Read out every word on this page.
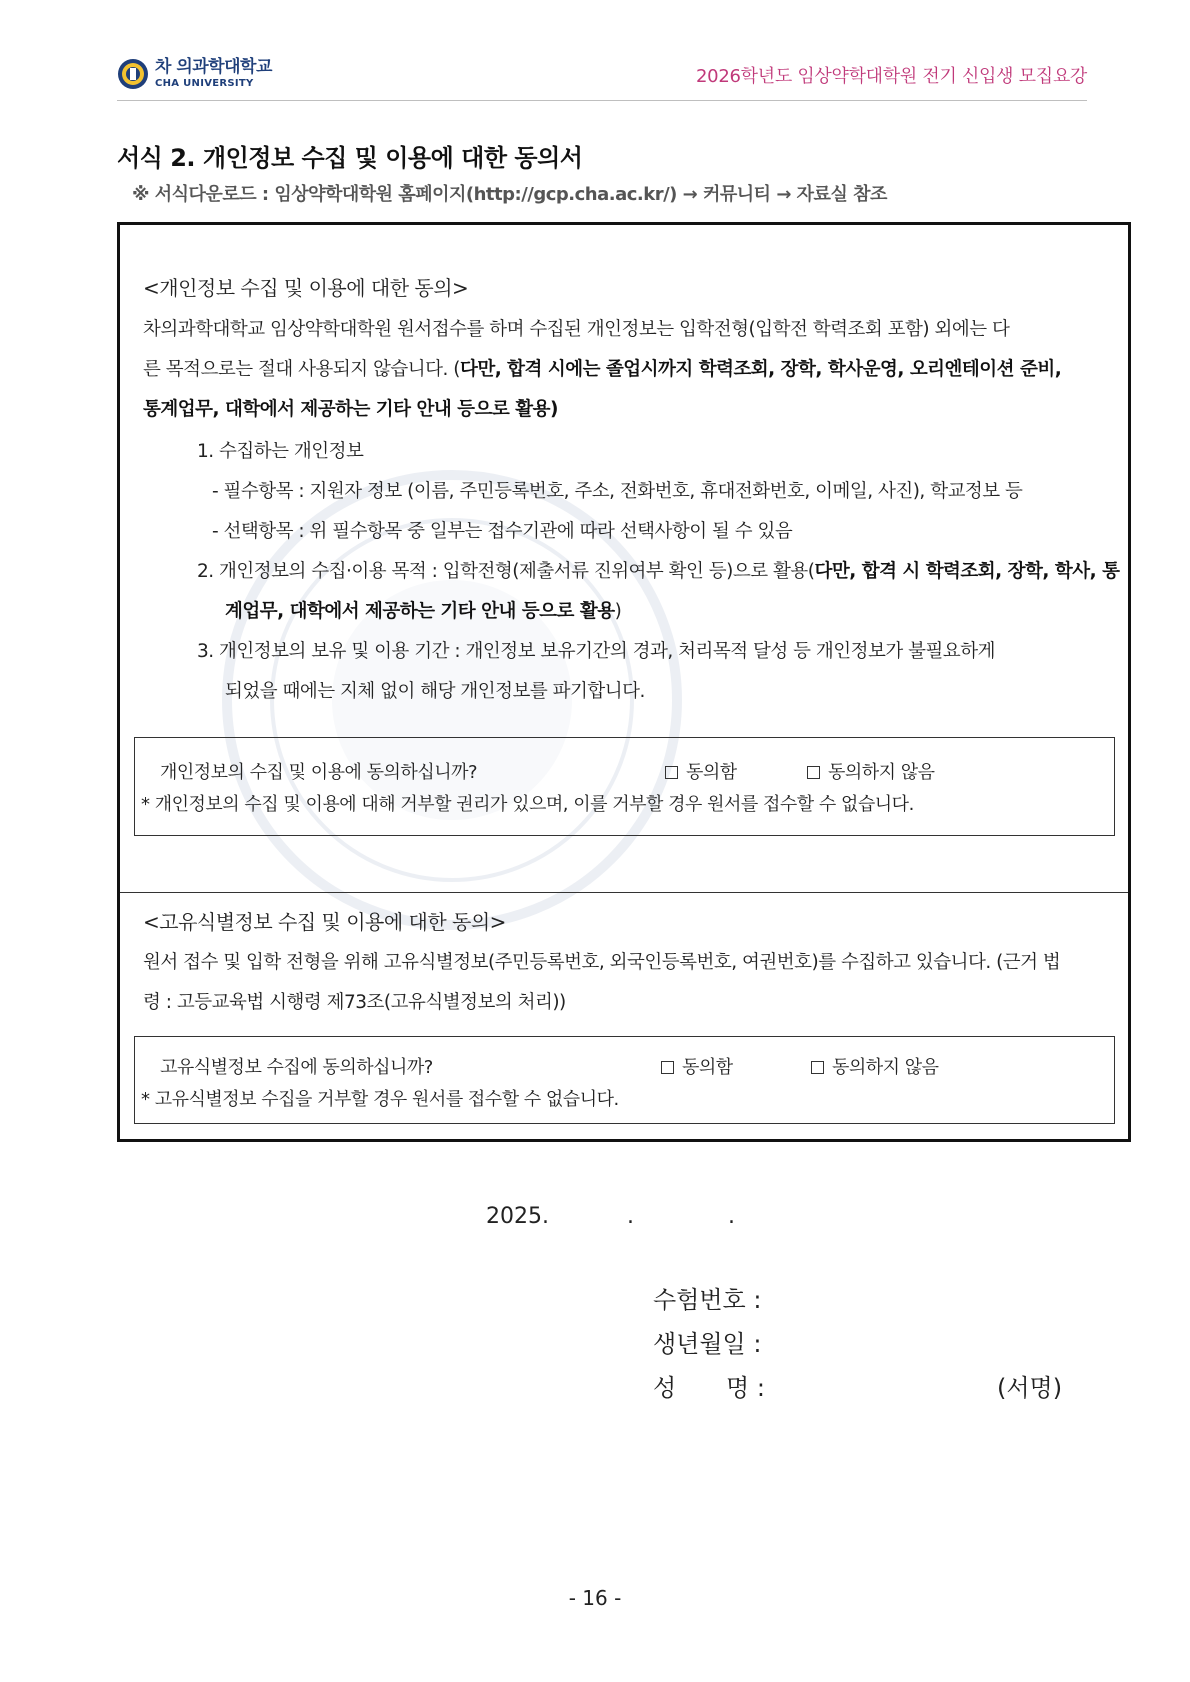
차 의과학대학교
CHA UNIVERSITY	2026학년도 임상약학대학원 전기 신입생 모집요강
서식 2. 개인정보 수집 및 이용에 대한 동의서
※ 서식다운로드 : 임상약학대학원 홈페이지(http://gcp.cha.ac.kr/) → 커뮤니티 → 자료실 참조
<개인정보 수집 및 이용에 대한 동의>
차의과학대학교 임상약학대학원 원서접수를 하며 수집된 개인정보는 입학전형(입학전 학력조회 포함) 외에는 다
른 목적으로는 절대 사용되지 않습니다. (다만, 합격 시에는 졸업시까지 학력조회, 장학, 학사운영, 오리엔테이션 준비,
통계업무, 대학에서 제공하는 기타 안내 등으로 활용)
1. 수집하는 개인정보
- 필수항목 : 지원자 정보 (이름, 주민등록번호, 주소, 전화번호, 휴대전화번호, 이메일, 사진), 학교정보 등
- 선택항목 : 위 필수항목 중 일부는 접수기관에 따라 선택사항이 될 수 있음
2. 개인정보의 수집·이용 목적 : 입학전형(제출서류 진위여부 확인 등)으로 활용(다만, 합격 시 학력조회, 장학, 학사, 통
계업무, 대학에서 제공하는 기타 안내 등으로 활용)
3. 개인정보의 보유 및 이용 기간 : 개인정보 보유기간의 경과, 처리목적 달성 등 개인정보가 불필요하게
되었을 때에는 지체 없이 해당 개인정보를 파기합니다.
개인정보의 수집 및 이용에 동의하십니까?	동의함	동의하지 않음
* 개인정보의 수집 및 이용에 대해 거부할 권리가 있으며, 이를 거부할 경우 원서를 접수할 수 없습니다.
<고유식별정보 수집 및 이용에 대한 동의>
원서 접수 및 입학 전형을 위해 고유식별정보(주민등록번호, 외국인등록번호, 여권번호)를 수집하고 있습니다. (근거 법
령 : 고등교육법 시행령 제73조(고유식별정보의 처리))
고유식별정보 수집에 동의하십니까?	동의함	동의하지 않음
* 고유식별정보 수집을 거부할 경우 원서를 접수할 수 없습니다.
2025.	.	.
수험번호 :
생년월일 :
성 명 :	(서명)
- 16 -
